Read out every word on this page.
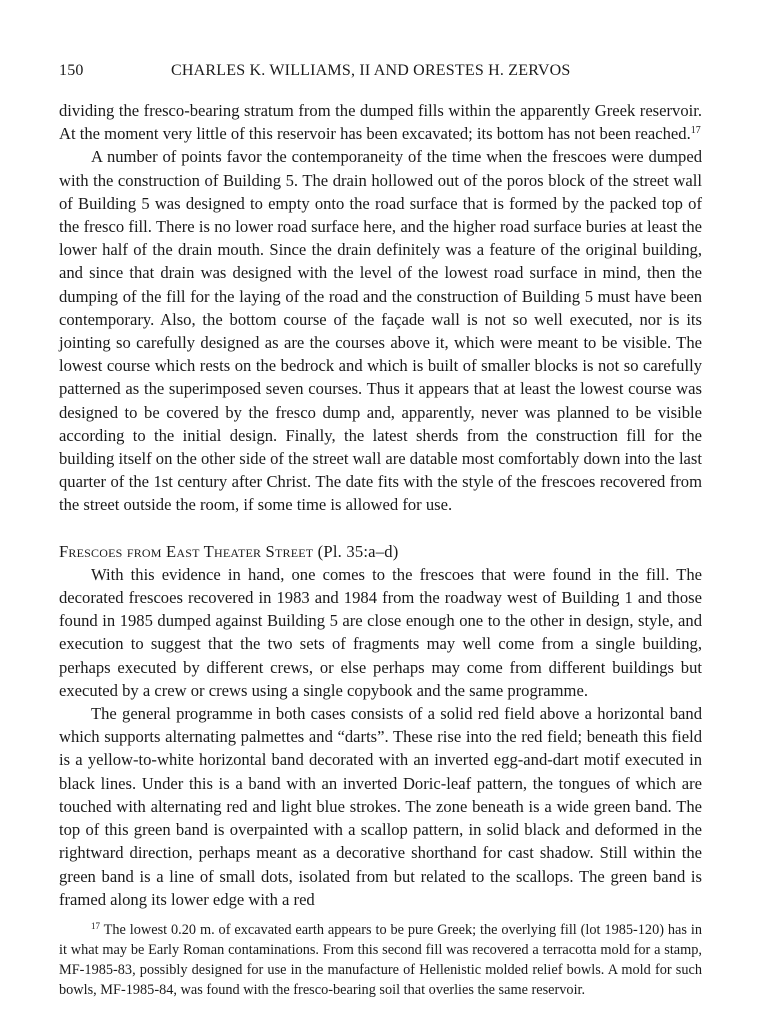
150	CHARLES K. WILLIAMS, II AND ORESTES H. ZERVOS

dividing the fresco-bearing stratum from the dumped fills within the apparently Greek reservoir. At the moment very little of this reservoir has been excavated; its bottom has not been reached.$^{17}$

A number of points favor the contemporaneity of the time when the frescoes were dumped with the construction of Building 5. The drain hollowed out of the poros block of the street wall of Building 5 was designed to empty onto the road surface that is formed by the packed top of the fresco fill. There is no lower road surface here, and the higher road surface buries at least the lower half of the drain mouth. Since the drain definitely was a feature of the original building, and since that drain was designed with the level of the lowest road surface in mind, then the dumping of the fill for the laying of the road and the construction of Building 5 must have been contemporary. Also, the bottom course of the façade wall is not so well executed, nor is its jointing so carefully designed as are the courses above it, which were meant to be visible. The lowest course which rests on the bedrock and which is built of smaller blocks is not so carefully patterned as the superimposed seven courses. Thus it appears that at least the lowest course was designed to be covered by the fresco dump and, apparently, never was planned to be visible according to the initial design. Finally, the latest sherds from the construction fill for the building itself on the other side of the street wall are datable most comfortably down into the last quarter of the 1st century after Christ. The date fits with the style of the frescoes recovered from the street outside the room, if some time is allowed for use.

Frescoes from East Theater Street (Pl. 35:a–d)

With this evidence in hand, one comes to the frescoes that were found in the fill. The decorated frescoes recovered in 1983 and 1984 from the roadway west of Building 1 and those found in 1985 dumped against Building 5 are close enough one to the other in design, style, and execution to suggest that the two sets of fragments may well come from a single building, perhaps executed by different crews, or else perhaps may come from different buildings but executed by a crew or crews using a single copybook and the same programme.

The general programme in both cases consists of a solid red field above a horizontal band which supports alternating palmettes and “darts”. These rise into the red field; beneath this field is a yellow-to-white horizontal band decorated with an inverted egg-and-dart motif executed in black lines. Under this is a band with an inverted Doric-leaf pattern, the tongues of which are touched with alternating red and light blue strokes. The zone beneath is a wide green band. The top of this green band is overpainted with a scallop pattern, in solid black and deformed in the rightward direction, perhaps meant as a decorative shorthand for cast shadow. Still within the green band is a line of small dots, isolated from but related to the scallops. The green band is framed along its lower edge with a red

$^{17}$ The lowest 0.20 m. of excavated earth appears to be pure Greek; the overlying fill (lot 1985-120) has in it what may be Early Roman contaminations. From this second fill was recovered a terracotta mold for a stamp, MF-1985-83, possibly designed for use in the manufacture of Hellenistic molded relief bowls. A mold for such bowls, MF-1985-84, was found with the fresco-bearing soil that overlies the same reservoir.
